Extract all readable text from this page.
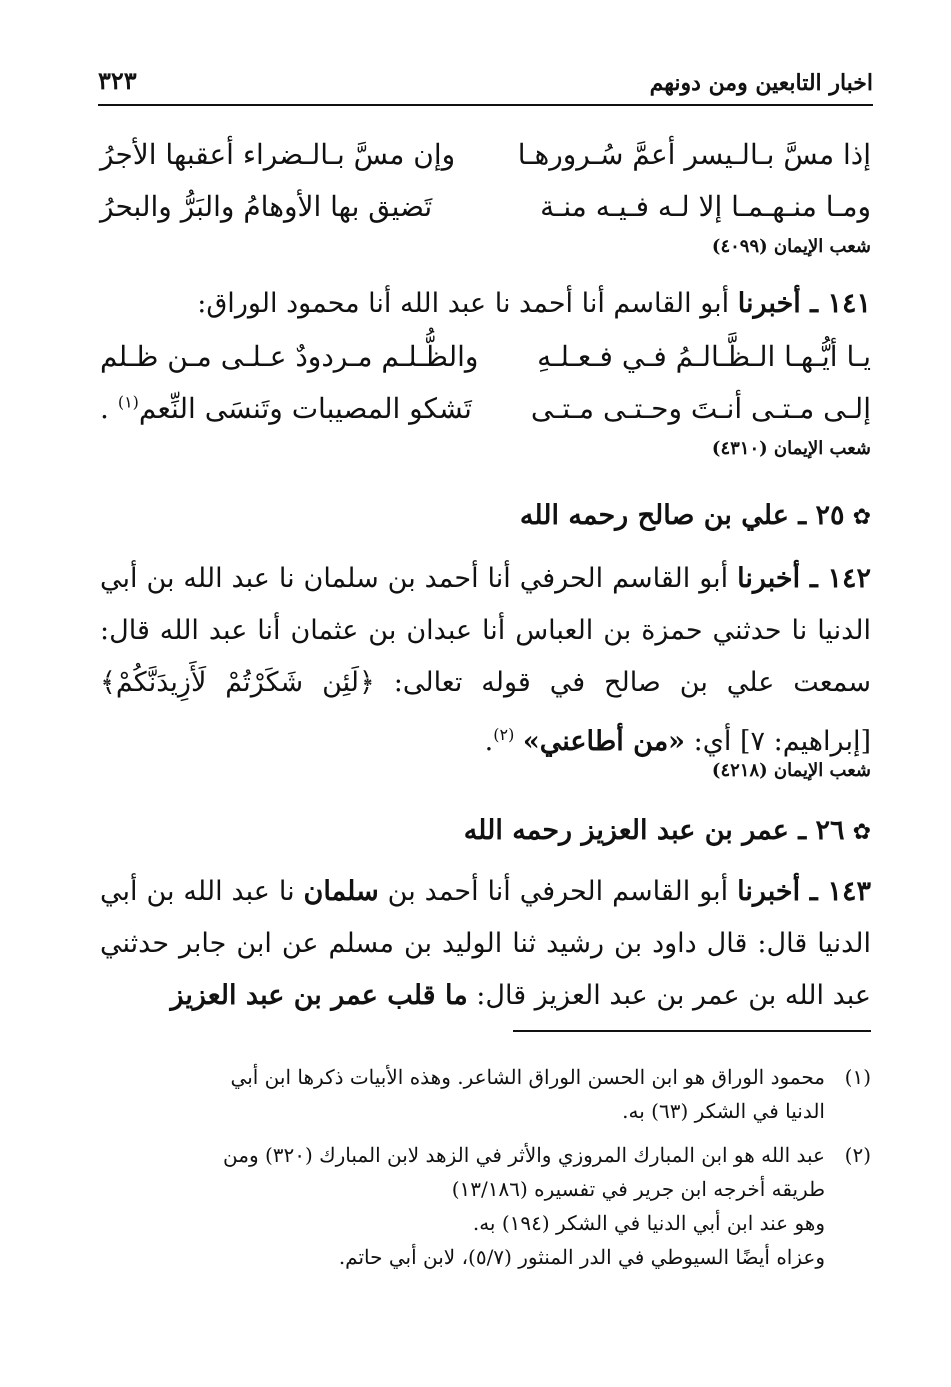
اخبار التابعين ومن دونهم
٣٢٣
إذا مسَّ بـالـيسر أعمَّ سُـرورهـا
وإن مسَّ بـالـضراء أعقبها الأجرُ
ومـا منـهـمـا إلا لـه فـيـه منـة
تَضيق بها الأوهامُ والبَرُّ والبحرُ
شعب الإيمان (٤٠٩٩)
١٤١ ـ أخبرنا أبو القاسم أنا أحمد نا عبد الله أنا محمود الوراق:
يـا أيُّـهـا الـظَّـالـمُ فـي فـعـلـهِ
والظُّـلـم مـردودٌ عـلـى مـن ظـلم
إلـى مـتـى أنـتَ وحـتـى مـتـى
تَشكو المصيبات وتَنسَى النِّعم$^{(١)}$ .
شعب الإيمان (٤٣١٠)
✿٢٥ ـ علي بن صالح رحمه الله
١٤٢ ـ أخبرنا أبو القاسم الحرفي أنا أحمد بن سلمان نا عبد الله بن أبي الدنيا نا حدثني حمزة بن العباس أنا عبدان بن عثمان أنا عبد الله قال: سمعت علي بن صالح في قوله تعالى: ﴿لَئِن شَكَرْتُمْ لَأَزِيدَنَّكُمْ﴾ [إبراهيم: ٧] أي: «من أطاعني» $^{(٢)}$.
شعب الإيمان (٤٢١٨)
✿٢٦ ـ عمر بن عبد العزيز رحمه الله
١٤٣ ـ أخبرنا أبو القاسم الحرفي أنا أحمد بن سلمان نا عبد الله بن أبي الدنيا قال: قال داود بن رشيد ثنا الوليد بن مسلم عن ابن جابر حدثني عبد الله بن عمر بن عبد العزيز قال: ما قلب عمر بن عبد العزيز
(١)محمود الوراق هو ابن الحسن الوراق الشاعر. وهذه الأبيات ذكرها ابن أبي
الدنيا في الشكر (٦٣) به.
(٢)عبد الله هو ابن المبارك المروزي والأثر في الزهد لابن المبارك (٣٢٠) ومن
طريقه أخرجه ابن جرير في تفسيره (١٣/١٨٦)
وهو عند ابن أبي الدنيا في الشكر (١٩٤) به.
وعزاه أيضًا السيوطي في الدر المنثور (٥/٧)، لابن أبي حاتم.
